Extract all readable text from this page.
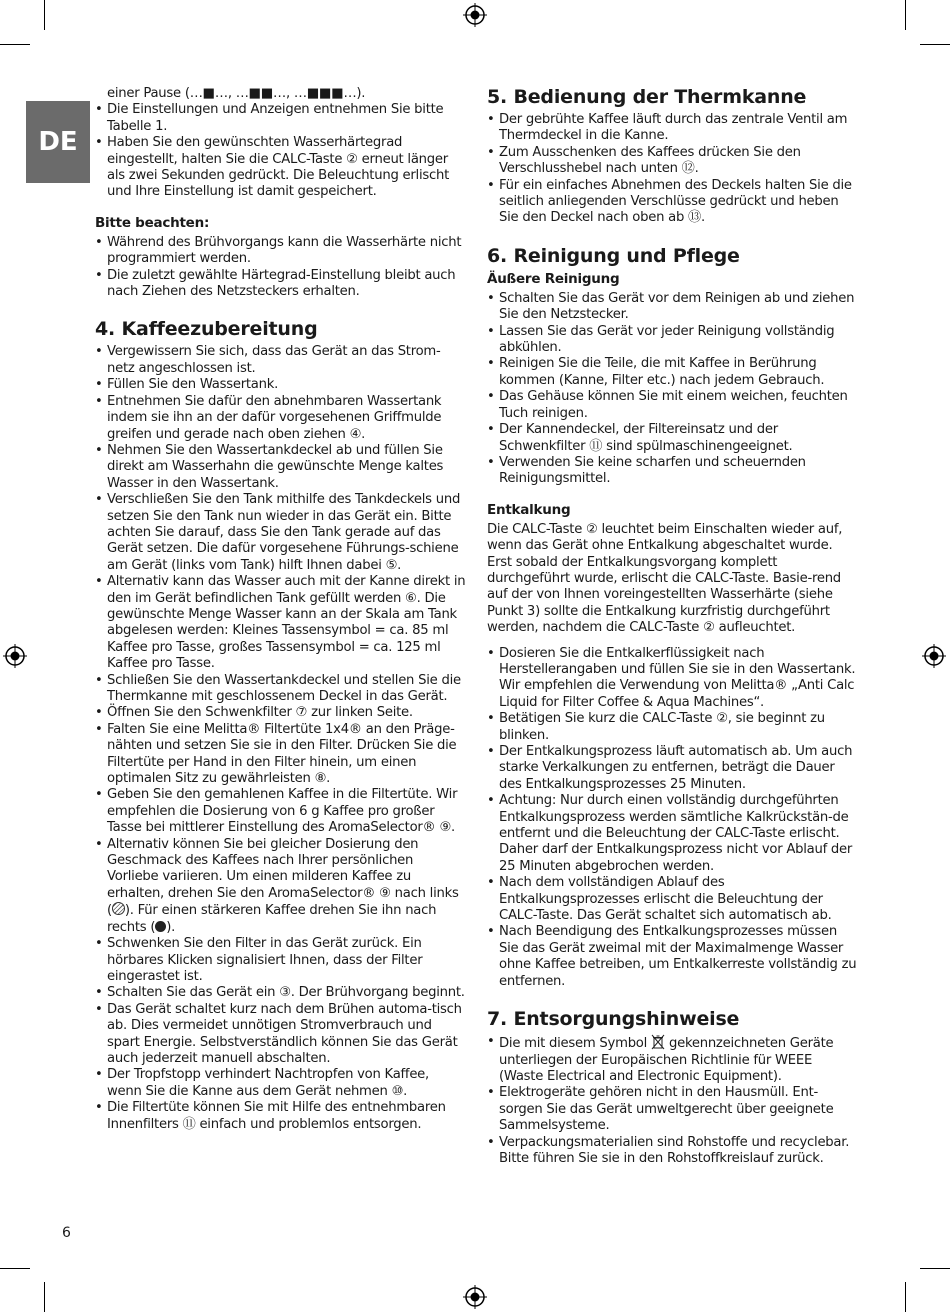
DE

einer Pause (…■…, …■■…, …■■■…).

• Die Einstellungen und Anzeigen entnehmen Sie bitte Tabelle 1.
• Haben Sie den gewünschten Wasserhärtegrad eingestellt, halten Sie die CALC-Taste ② erneut länger als zwei Sekunden gedrückt. Die Beleuchtung erlischt und Ihre Einstellung ist damit gespeichert.
Bitte beachten:
• Während des Brühvorgangs kann die Wasserhärte nicht programmiert werden.
• Die zuletzt gewählte Härtegrad-Einstellung bleibt auch nach Ziehen des Netzsteckers erhalten.
4. Kaffeezubereitung
• Vergewissern Sie sich, dass das Gerät an das Strom-netz angeschlossen ist.
• Füllen Sie den Wassertank.
• Entnehmen Sie dafür den abnehmbaren Wassertank indem sie ihn an der dafür vorgesehenen Griffmulde greifen und gerade nach oben ziehen ④.
• Nehmen Sie den Wassertankdeckel ab und füllen Sie direkt am Wasserhahn die gewünschte Menge kaltes Wasser in den Wassertank.
• Verschließen Sie den Tank mithilfe des Tankdeckels und setzen Sie den Tank nun wieder in das Gerät ein. Bitte achten Sie darauf, dass Sie den Tank gerade auf das Gerät setzen. Die dafür vorgesehene Führungs-schiene am Gerät (links vom Tank) hilft Ihnen dabei ⑤.
• Alternativ kann das Wasser auch mit der Kanne direkt in den im Gerät befindlichen Tank gefüllt werden ⑥. Die gewünschte Menge Wasser kann an der Skala am Tank abgelesen werden: Kleines Tassensymbol = ca. 85 ml Kaffee pro Tasse, großes Tassensymbol = ca. 125 ml Kaffee pro Tasse.
• Schließen Sie den Wassertankdeckel und stellen Sie die Thermkanne mit geschlossenem Deckel in das Gerät.
• Öffnen Sie den Schwenkfilter ⑦ zur linken Seite.
• Falten Sie eine Melitta® Filtertüte 1x4® an den Präge-nähten und setzen Sie sie in den Filter. Drücken Sie die Filtertüte per Hand in den Filter hinein, um einen optimalen Sitz zu gewährleisten ⑧.
• Geben Sie den gemahlenen Kaffee in die Filtertüte. Wir empfehlen die Dosierung von 6 g Kaffee pro großer Tasse bei mittlerer Einstellung des AromaSelector® ⑨.
• Alternativ können Sie bei gleicher Dosierung den Geschmack des Kaffees nach Ihrer persönlichen Vorliebe variieren. Um einen milderen Kaffee zu erhalten, drehen Sie den AromaSelector® ⑨ nach links ( ). Für einen stärkeren Kaffee drehen Sie ihn nach rechts ( ).
• Schwenken Sie den Filter in das Gerät zurück. Ein hörbares Klicken signalisiert Ihnen, dass der Filter eingerastet ist.
• Schalten Sie das Gerät ein ③. Der Brühvorgang beginnt.
• Das Gerät schaltet kurz nach dem Brühen automa-tisch ab. Dies vermeidet unnötigen Stromverbrauch und spart Energie. Selbstverständlich können Sie das Gerät auch jederzeit manuell abschalten.
• Der Tropfstopp verhindert Nachtropfen von Kaffee, wenn Sie die Kanne aus dem Gerät nehmen ⑩.
• Die Filtertüte können Sie mit Hilfe des entnehmbaren Innenfilters ⑪ einfach und problemlos entsorgen.
5. Bedienung der Thermkanne
• Der gebrühte Kaffee läuft durch das zentrale Ventil am Thermdeckel in die Kanne.
• Zum Ausschenken des Kaffees drücken Sie den Verschlusshebel nach unten ⑫.
• Für ein einfaches Abnehmen des Deckels halten Sie die seitlich anliegenden Verschlüsse gedrückt und heben Sie den Deckel nach oben ab ⑬.
6. Reinigung und Pflege
Äußere Reinigung
• Schalten Sie das Gerät vor dem Reinigen ab und ziehen Sie den Netzstecker.
• Lassen Sie das Gerät vor jeder Reinigung vollständig abkühlen.
• Reinigen Sie die Teile, die mit Kaffee in Berührung kommen (Kanne, Filter etc.) nach jedem Gebrauch.
• Das Gehäuse können Sie mit einem weichen, feuchten Tuch reinigen.
• Der Kannendeckel, der Filtereinsatz und der Schwenkfilter ⑪ sind spülmaschinengeeignet.
• Verwenden Sie keine scharfen und scheuernden Reinigungsmittel.
Entkalkung

Die CALC-Taste ② leuchtet beim Einschalten wieder auf, wenn das Gerät ohne Entkalkung abgeschaltet wurde. Erst sobald der Entkalkungsvorgang komplett durchgeführt wurde, erlischt die CALC-Taste. Basie-rend auf der von Ihnen voreingestellten Wasserhärte (siehe Punkt 3) sollte die Entkalkung kurzfristig durchgeführt werden, nachdem die CALC-Taste ② aufleuchtet.

• Dosieren Sie die Entkalkerflüssigkeit nach Herstellerangaben und füllen Sie sie in den Wassertank. Wir empfehlen die Verwendung von Melitta® „Anti Calc Liquid for Filter Coffee & Aqua Machines“.
• Betätigen Sie kurz die CALC-Taste ②, sie beginnt zu blinken.
• Der Entkalkungsprozess läuft automatisch ab. Um auch starke Verkalkungen zu entfernen, beträgt die Dauer des Entkalkungsprozesses 25 Minuten.
• Achtung: Nur durch einen vollständig durchgeführten Entkalkungsprozess werden sämtliche Kalkrückstän-de entfernt und die Beleuchtung der CALC-Taste erlischt. Daher darf der Entkalkungsprozess nicht vor Ablauf der 25 Minuten abgebrochen werden.
• Nach dem vollständigen Ablauf des Entkalkungsprozesses erlischt die Beleuchtung der CALC-Taste. Das Gerät schaltet sich automatisch ab.
• Nach Beendigung des Entkalkungsprozesses müssen Sie das Gerät zweimal mit der Maximalmenge Wasser ohne Kaffee betreiben, um Entkalkerreste vollständig zu entfernen.
7. Entsorgungshinweise
• Die mit diesem Symbol gekennzeichneten Geräte unterliegen der Europäischen Richtlinie für WEEE (Waste Electrical and Electronic Equipment).
• Elektrogeräte gehören nicht in den Hausmüll. Ent-sorgen Sie das Gerät umweltgerecht über geeignete Sammelsysteme.
• Verpackungsmaterialien sind Rohstoffe und recyclebar. Bitte führen Sie sie in den Rohstoffkreislauf zurück.
6
